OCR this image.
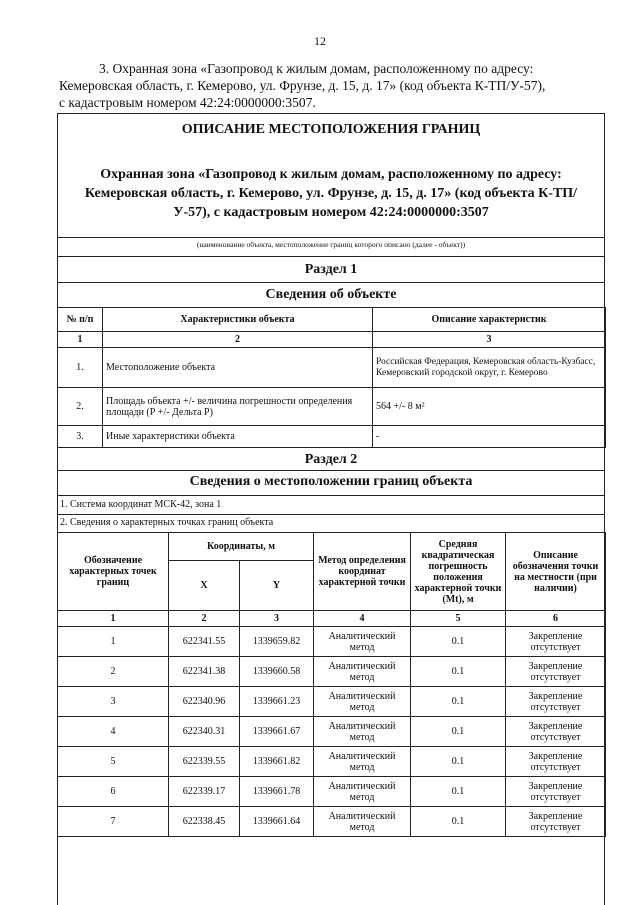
12
3. Охранная зона «Газопровод к жилым домам, расположенному по адресу:
Кемеровская область, г. Кемерово, ул. Фрунзе, д. 15, д. 17» (код объекта К-ТП/У-57),
с кадастровым номером 42:24:0000000:3507.
ОПИСАНИЕ МЕСТОПОЛОЖЕНИЯ ГРАНИЦ
Охранная зона «Газопровод к жилым домам, расположенному по адресу: Кемеровская область, г. Кемерово, ул. Фрунзе, д. 15, д. 17» (код объекта К-ТП/У-57), с кадастровым номером 42:24:0000000:3507
(наименование объекта, местоположение границ которого описано (далее - объект))
Раздел 1
Сведения об объекте
№ п/п	Характеристики объекта	Описание характеристик
1	2	3
1.	Местоположение объекта	Российская Федерация, Кемеровская область-Кузбасс, Кемеровский городской округ, г. Кемерово
2.	Площадь объекта +/- величина погрешности определения площади (Р +/- Дельта Р)	564 +/- 8 м²
3.	Иные характеристики объекта	-
Раздел 2
Сведения о местоположении границ объекта
1. Система координат МСК-42, зона 1
2. Сведения о характерных точках границ объекта
Обозначение характерных точек границ	Координаты, м		Метод определения координат характерной точки	Средняя квадратическая погрешность положения характерной точки (Mt), м	Описание обозначения точки на местности (при наличии)
	X	Y			
1	2	3	4	5	6
1	622341.55	1339659.82	Аналитический метод	0.1	Закрепление отсутствует
2	622341.38	1339660.58	Аналитический метод	0.1	Закрепление отсутствует
3	622340.96	1339661.23	Аналитический метод	0.1	Закрепление отсутствует
4	622340.31	1339661.67	Аналитический метод	0.1	Закрепление отсутствует
5	622339.55	1339661.82	Аналитический метод	0.1	Закрепление отсутствует
6	622339.17	1339661.78	Аналитический метод	0.1	Закрепление отсутствует
7	622338.45	1339661.64	Аналитический метод	0.1	Закрепление отсутствует
